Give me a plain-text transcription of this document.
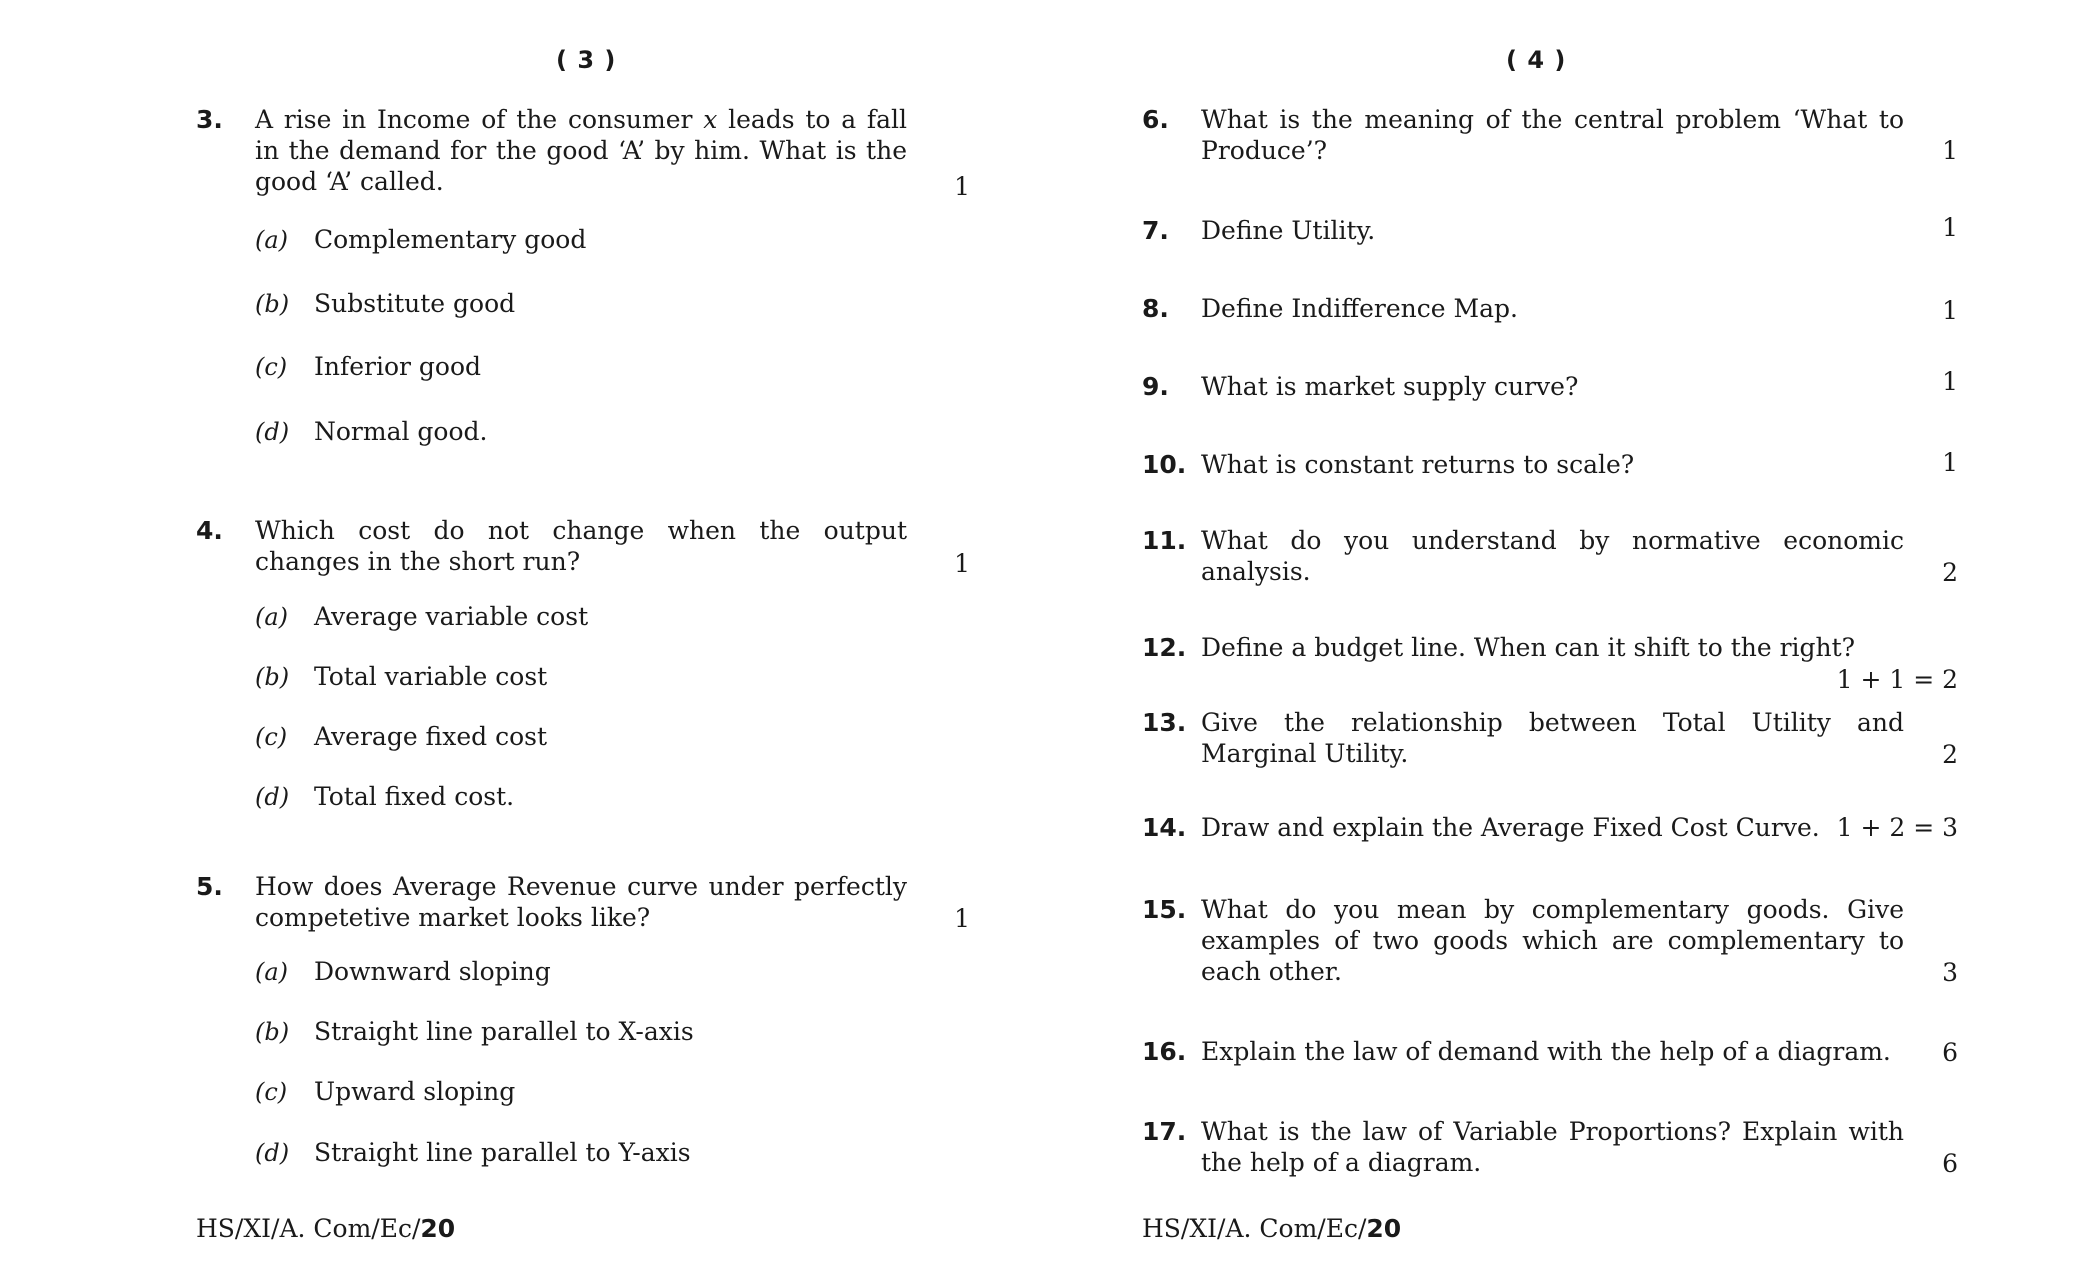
( 3 )
3. A rise in Income of the consumer x leads to a fall in the demand for the good ‘A’ by him. What is the good ‘A’ called.	1
(a) Complementary good
(b) Substitute good
(c) Inferior good
(d) Normal good.
4. Which cost do not change when the output changes in the short run?	1
(a) Average variable cost
(b) Total variable cost
(c) Average fixed cost
(d) Total fixed cost.
5. How does Average Revenue curve under perfectly competetive market looks like?	1
(a) Downward sloping
(b) Straight line parallel to X-axis
(c) Upward sloping
(d) Straight line parallel to Y-axis
HS/XI/A. Com/Ec/20
( 4 )
6. What is the meaning of the central problem ‘What to Produce’?	1
7. Define Utility.	1
8. Define Indifference Map.	1
9. What is market supply curve?	1
10. What is constant returns to scale?	1
11. What do you understand by normative economic analysis.	2
12. Define a budget line. When can it shift to the right?

1 + 1 = 2
13. Give the relationship between Total Utility and Marginal Utility.	2
14. Draw and explain the Average Fixed Cost Curve. 1 + 2 = 3
15. What do you mean by complementary goods. Give examples of two goods which are complementary to each other.	3
16. Explain the law of demand with the help of a diagram.	6
17. What is the law of Variable Proportions? Explain with the help of a diagram.	6
HS/XI/A. Com/Ec/20
